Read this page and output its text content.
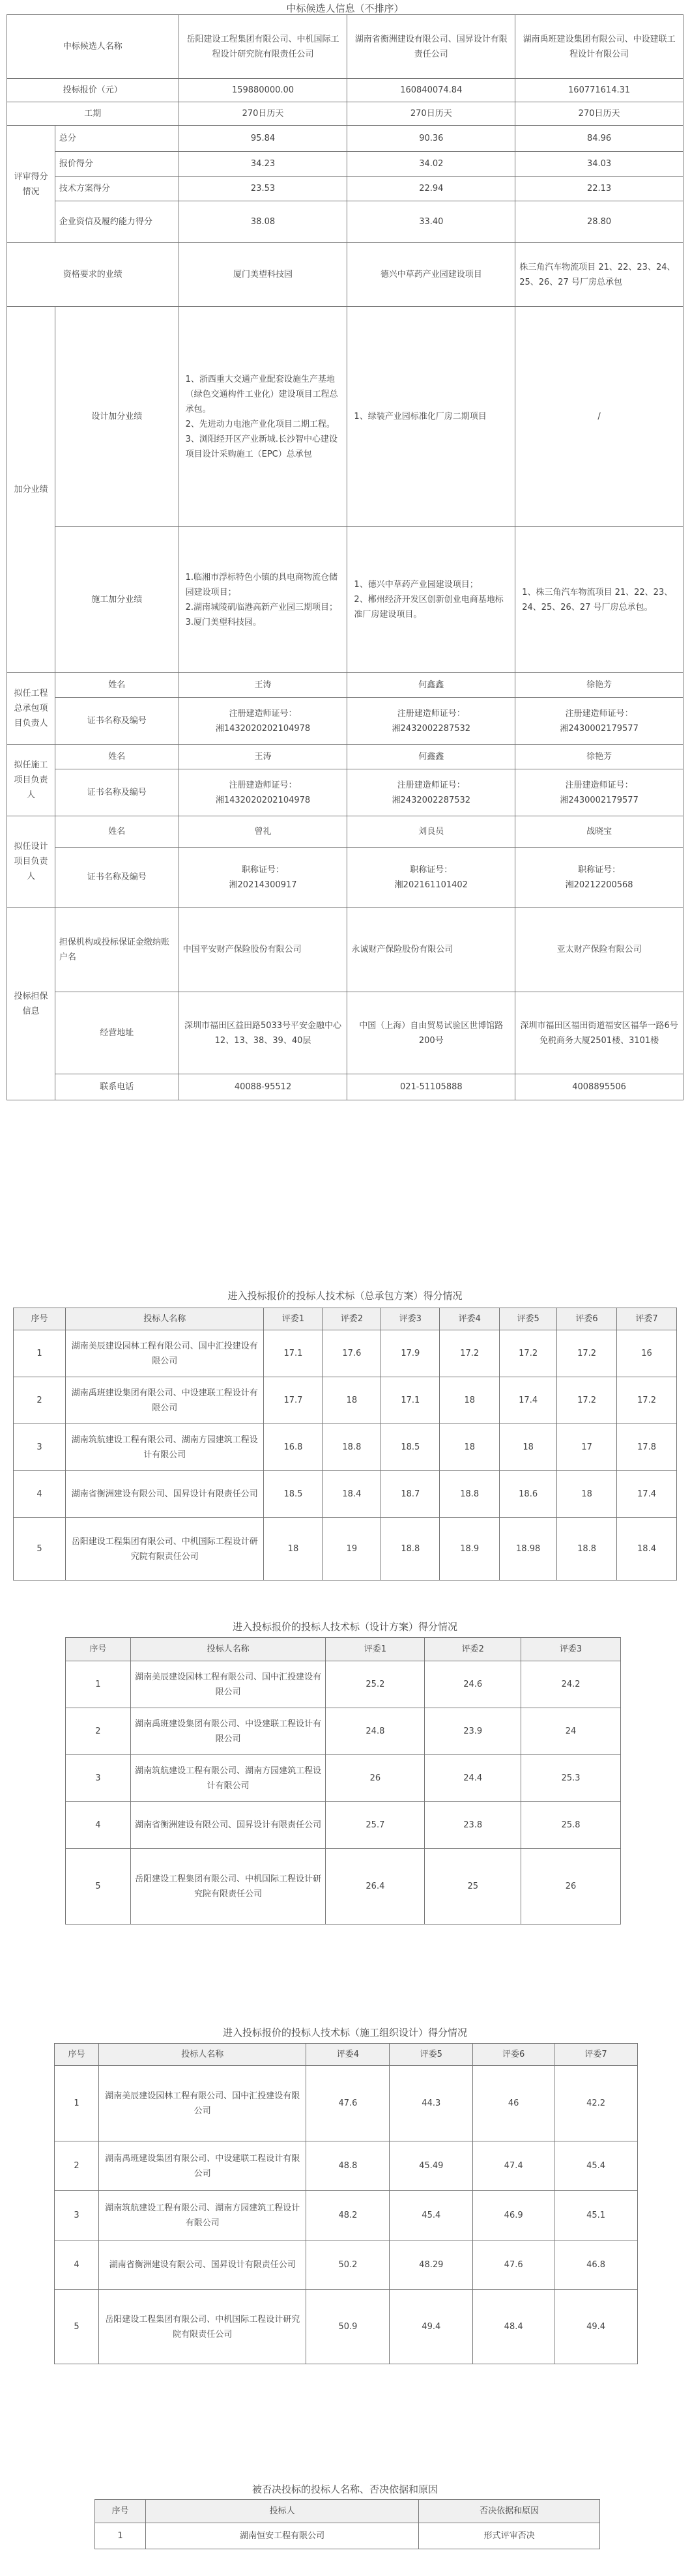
中标候选人信息（不排序）
中标候选人名称		岳阳建设工程集团有限公司、中机国际工程设计研究院有限责任公司	湖南省衡洲建设有限公司、国昇设计有限责任公司	湖南禹班建设集团有限公司、中设建联工程设计有限公司
投标报价（元）		159880000.00	160840074.84	160771614.31
工期		270日历天	270日历天	270日历天
评审得分情况	总分	95.84	90.36	84.96
	报价得分	34.23	34.02	34.03
	技术方案得分	23.53	22.94	22.13
	企业资信及履约能力得分	38.08	33.40	28.80
资格要求的业绩		厦门美望科技园	德兴中草药产业园建设项目	株三角汽车物流项目 21、22、23、24、25、26、27 号厂房总承包
加分业绩	设计加分业绩	1、浙西重大交通产业配套设施生产基地（绿色交通构件工业化）建设项目工程总承包。
2、先进动力电池产业化项目二期工程。
3、浏阳经开区产业新城.长沙智中心建设项目设计采购施工（EPC）总承包	1、绿装产业园标准化厂房二期项目	/
	施工加分业绩	1.临湘市浮标特色小镇的具电商物流仓储园建设项目；
2.湖南城陵矶临港高新产业园三期项目；
3.厦门美望科技园。	1、德兴中草药产业园建设项目；
2、郴州经济开发区创新创业电商基地标准厂房建设项目。	1、株三角汽车物流项目 21、22、23、24、25、26、27 号厂房总承包。
拟任工程总承包项目负责人	姓名	王涛	何鑫鑫	徐艳芳
	证书名称及编号	注册建造师证号：
湘1432020202104978	注册建造师证号：
湘2432002287532	注册建造师证号：
湘2430002179577
拟任施工项目负责人	姓名	王涛	何鑫鑫	徐艳芳
	证书名称及编号	注册建造师证号：
湘1432020202104978	注册建造师证号：
湘2432002287532	注册建造师证号：
湘2430002179577
拟任设计项目负责人	姓名	曾礼	刘良员	战晓宝
	证书名称及编号	职称证号：
湘20214300917	职称证号：
湘202161101402	职称证号：
湘20212200568
投标担保信息	担保机构或投标保证金缴纳账户名	中国平安财产保险股份有限公司	永诚财产保险股份有限公司	亚太财产保险有限公司
	经营地址	深圳市福田区益田路5033号平安金融中心12、13、38、39、40层	中国（上海）自由贸易试验区世博馆路200号	深圳市福田区福田街道福安区福华一路6号免税商务大厦2501楼、3101楼
	联系电话	40088-95512	021-51105888	4008895506
进入投标报价的投标人技术标（总承包方案）得分情况
序号	投标人名称	评委1	评委2	评委3	评委4	评委5	评委6	评委7
1	湖南美辰建设园林工程有限公司、国中汇投建设有限公司	17.1	17.6	17.9	17.2	17.2	17.2	16
2	湖南禹班建设集团有限公司、中设建联工程设计有限公司	17.7	18	17.1	18	17.4	17.2	17.2
3	湖南筑航建设工程有限公司、湖南方园建筑工程设计有限公司	16.8	18.8	18.5	18	18	17	17.8
4	湖南省衡洲建设有限公司、国昇设计有限责任公司	18.5	18.4	18.7	18.8	18.6	18	17.4
5	岳阳建设工程集团有限公司、中机国际工程设计研究院有限责任公司	18	19	18.8	18.9	18.98	18.8	18.4
进入投标报价的投标人技术标（设计方案）得分情况
序号	投标人名称	评委1	评委2	评委3
1	湖南美辰建设园林工程有限公司、国中汇投建设有限公司	25.2	24.6	24.2
2	湖南禹班建设集团有限公司、中设建联工程设计有限公司	24.8	23.9	24
3	湖南筑航建设工程有限公司、湖南方园建筑工程设计有限公司	26	24.4	25.3
4	湖南省衡洲建设有限公司、国昇设计有限责任公司	25.7	23.8	25.8
5	岳阳建设工程集团有限公司、中机国际工程设计研究院有限责任公司	26.4	25	26
进入投标报价的投标人技术标（施工组织设计）得分情况
序号	投标人名称	评委4	评委5	评委6	评委7
1	湖南美辰建设园林工程有限公司、国中汇投建设有限公司	47.6	44.3	46	42.2
2	湖南禹班建设集团有限公司、中设建联工程设计有限公司	48.8	45.49	47.4	45.4
3	湖南筑航建设工程有限公司、湖南方园建筑工程设计有限公司	48.2	45.4	46.9	45.1
4	湖南省衡洲建设有限公司、国昇设计有限责任公司	50.2	48.29	47.6	46.8
5	岳阳建设工程集团有限公司、中机国际工程设计研究院有限责任公司	50.9	49.4	48.4	49.4
被否决投标的投标人名称、否决依据和原因
序号	投标人	否决依据和原因
1	湖南恒安工程有限公司	形式评审否决
